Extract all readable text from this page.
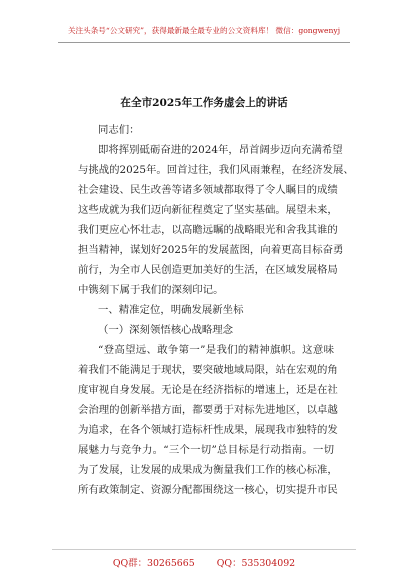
关注头条号“公文研究”，获得最新最全最专业的公文资料库！ 微信：gongwenyj
在全市2025年工作务虚会上的讲话
同志们：
即将挥别砥砺奋进的2024年，昂首阔步迈向充满希望
与挑战的2025年。回首过往，我们风雨兼程，在经济发展、
社会建设、民生改善等诸多领域都取得了令人瞩目的成绩
这些成就为我们迈向新征程奠定了坚实基础。展望未来，
我们更应心怀壮志，以高瞻远瞩的战略眼光和舍我其谁的
担当精神，谋划好2025年的发展蓝图，向着更高目标奋勇
前行，为全市人民创造更加美好的生活，在区域发展格局
中镌刻下属于我们的深刻印记。
一、精准定位，明确发展新坐标
（一）深刻领悟核心战略理念
“登高望远、敢争第一”是我们的精神旗帜。这意味
着我们不能满足于现状，要突破地域局限，站在宏观的角
度审视自身发展。无论是在经济指标的增速上，还是在社
会治理的创新举措方面，都要勇于对标先进地区，以卓越
为追求，在各个领域打造标杆性成果，展现我市独特的发
展魅力与竞争力。“三个一切”总目标是行动指南。一切
为了发展，让发展的成果成为衡量我们工作的核心标准，
所有政策制定、资源分配都围绕这一核心，切实提升市民
QQ群：30265665 QQ：535304092
